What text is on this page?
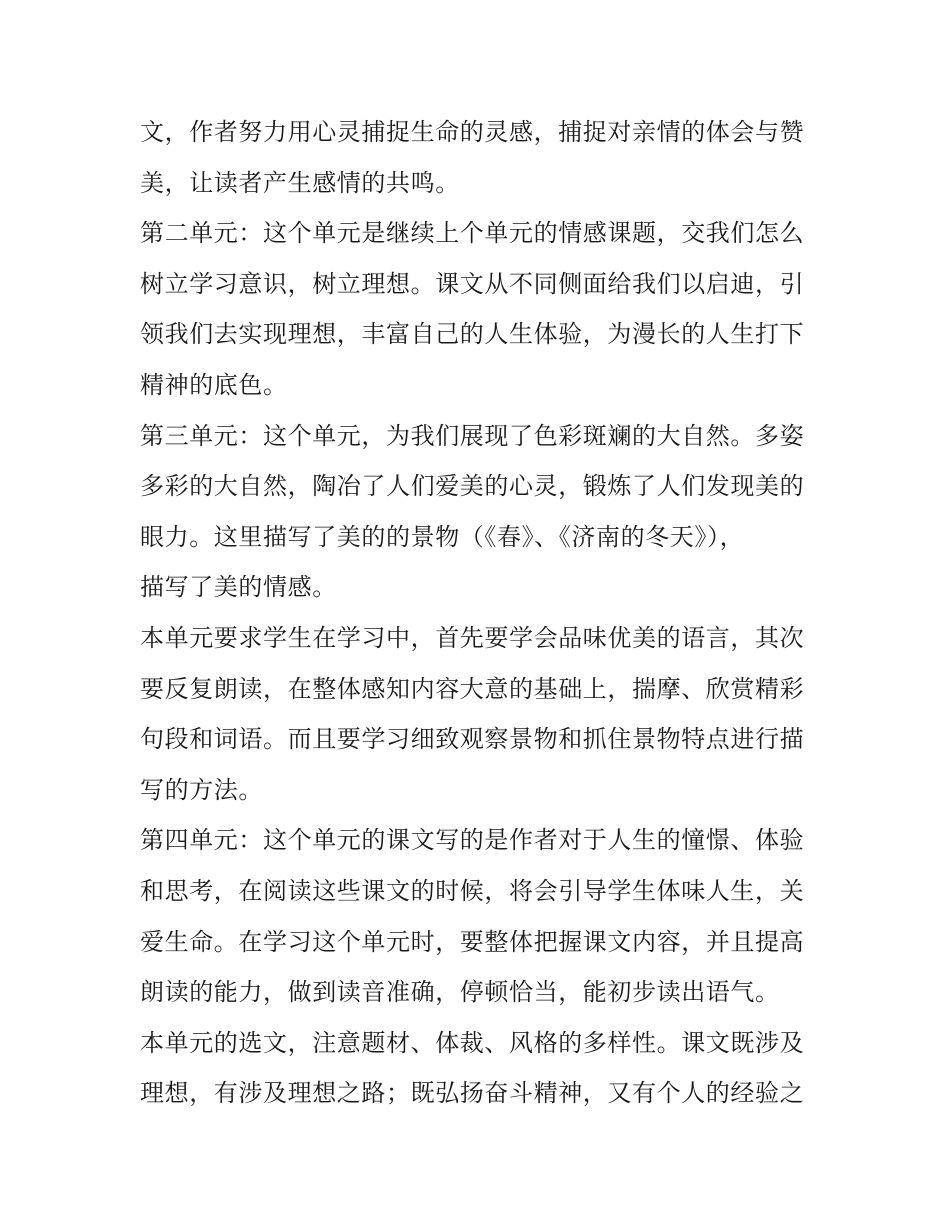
文，作者努力用心灵捕捉生命的灵感，捕捉对亲情的体会与赞
美，让读者产生感情的共鸣。
第二单元：这个单元是继续上个单元的情感课题，交我们怎么
树立学习意识，树立理想。课文从不同侧面给我们以启迪，引
领我们去实现理想，丰富自己的人生体验，为漫长的人生打下
精神的底色。
第三单元：这个单元，为我们展现了色彩斑斓的大自然。多姿
多彩的大自然，陶冶了人们爱美的心灵，锻炼了人们发现美的
眼力。这里描写了美的的景物（《春》、《济南的冬天》），
描写了美的情感。
本单元要求学生在学习中，首先要学会品味优美的语言，其次
要反复朗读，在整体感知内容大意的基础上，揣摩、欣赏精彩
句段和词语。而且要学习细致观察景物和抓住景物特点进行描
写的方法。
第四单元：这个单元的课文写的是作者对于人生的憧憬、体验
和思考，在阅读这些课文的时候，将会引导学生体味人生，关
爱生命。在学习这个单元时，要整体把握课文内容，并且提高
朗读的能力，做到读音准确，停顿恰当，能初步读出语气。
本单元的选文，注意题材、体裁、风格的多样性。课文既涉及
理想，有涉及理想之路；既弘扬奋斗精神，又有个人的经验之
